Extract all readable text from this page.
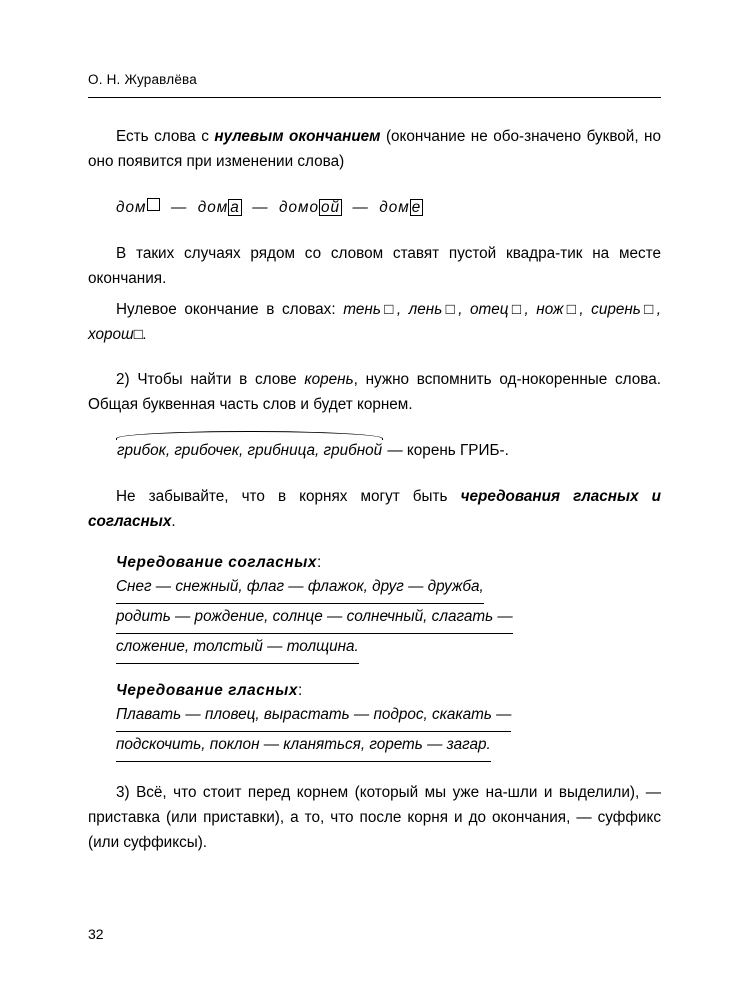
О. Н. Журавлёва

Есть слова с нулевым окончанием (окончание не обо-значено буквой, но оно появится при изменении слова)

дом — дом а — домо ой — дом е

В таких случаях рядом со словом ставят пустой квадра-тик на месте окончания.

Нулевое окончание в словах: тень□, лень□, отец□, нож□, сирень□, хорош□.

2) Чтобы найти в слове корень, нужно вспомнить од-нокоренные слова. Общая буквенная часть слов и будет корнем.

грибок, грибочек, грибница, грибной — корень ГРИБ-.

Не забывайте, что в корнях могут быть чередования гласных и согласных.

Чередование согласных:
Снег — снежный, флаг — флажок, друг — дружба, родить — рождение, солнце — солнечный, слагать — сложение, толстый — толщина.
Чередование гласных:
Плавать — пловец, вырастать — подрос, скакать — подскочить, поклон — кланяться, гореть — загар.

3) Всё, что стоит перед корнем (который мы уже на-шли и выделили), — приставка (или приставки), а то, что после корня и до окончания, — суффикс (или суффиксы).

32
